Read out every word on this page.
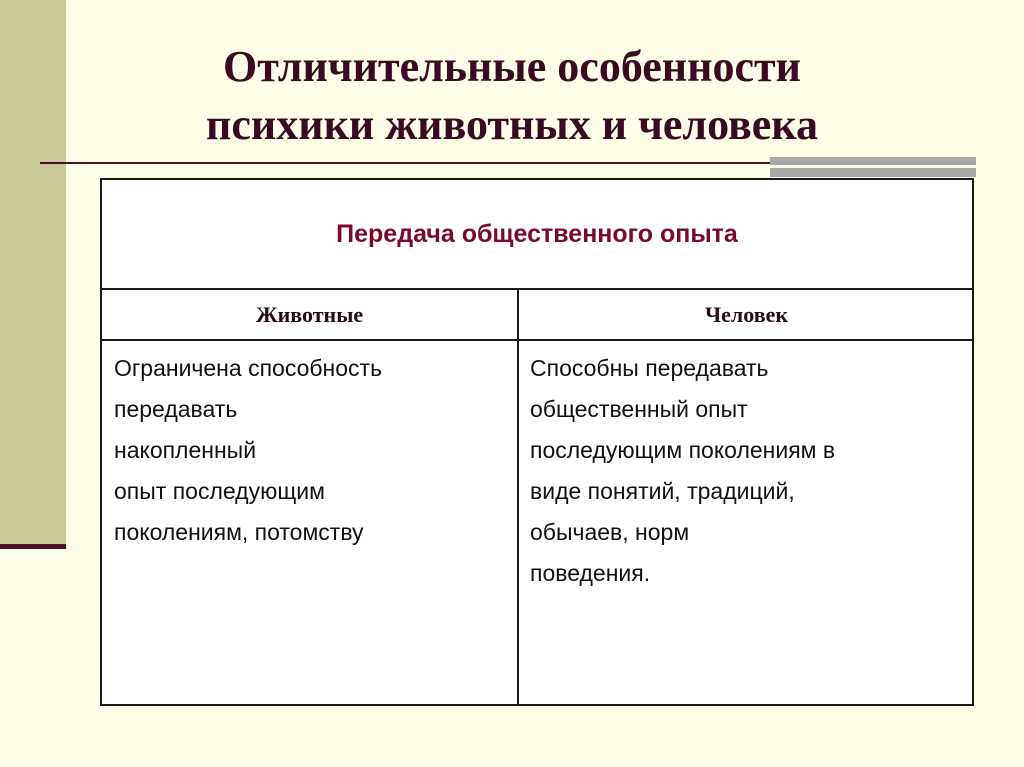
Отличительные особенности
психики животных и человека
Передача общественного опыта
Животные	Человек
Ограничена способность
передавать
накопленный
опыт последующим
поколениям, потомству
Способны передавать
общественный опыт
последующим поколениям в
виде понятий, традиций,
обычаев, норм
поведения.
